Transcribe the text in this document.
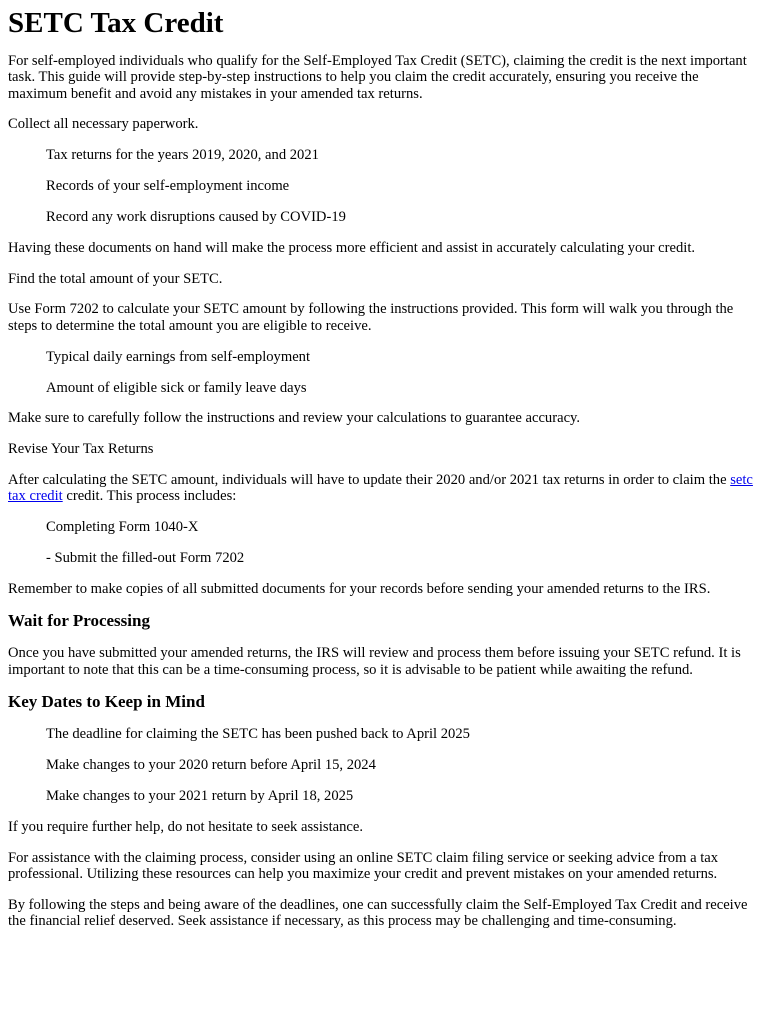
SETC Tax Credit

For self-employed individuals who qualify for the Self-Employed Tax Credit (SETC), claiming the credit is the next important task. This guide will provide step-by-step instructions to help you claim the credit accurately, ensuring you receive the maximum benefit and avoid any mistakes in your amended tax returns.

Collect all necessary paperwork.

Tax returns for the years 2019, 2020, and 2021

Records of your self-employment income

Record any work disruptions caused by COVID-19

Having these documents on hand will make the process more efficient and assist in accurately calculating your credit.

Find the total amount of your SETC.

Use Form 7202 to calculate your SETC amount by following the instructions provided. This form will walk you through the steps to determine the total amount you are eligible to receive.

Typical daily earnings from self-employment

Amount of eligible sick or family leave days

Make sure to carefully follow the instructions and review your calculations to guarantee accuracy.

Revise Your Tax Returns

After calculating the SETC amount, individuals will have to update their 2020 and/or 2021 tax returns in order to claim the setc tax credit credit. This process includes:

Completing Form 1040-X

- Submit the filled-out Form 7202

Remember to make copies of all submitted documents for your records before sending your amended returns to the IRS.

Wait for Processing

Once you have submitted your amended returns, the IRS will review and process them before issuing your SETC refund. It is important to note that this can be a time-consuming process, so it is advisable to be patient while awaiting the refund.

Key Dates to Keep in Mind

The deadline for claiming the SETC has been pushed back to April 2025

Make changes to your 2020 return before April 15, 2024

Make changes to your 2021 return by April 18, 2025

If you require further help, do not hesitate to seek assistance.

For assistance with the claiming process, consider using an online SETC claim filing service or seeking advice from a tax professional. Utilizing these resources can help you maximize your credit and prevent mistakes on your amended returns.

By following the steps and being aware of the deadlines, one can successfully claim the Self-Employed Tax Credit and receive the financial relief deserved. Seek assistance if necessary, as this process may be challenging and time-consuming.
